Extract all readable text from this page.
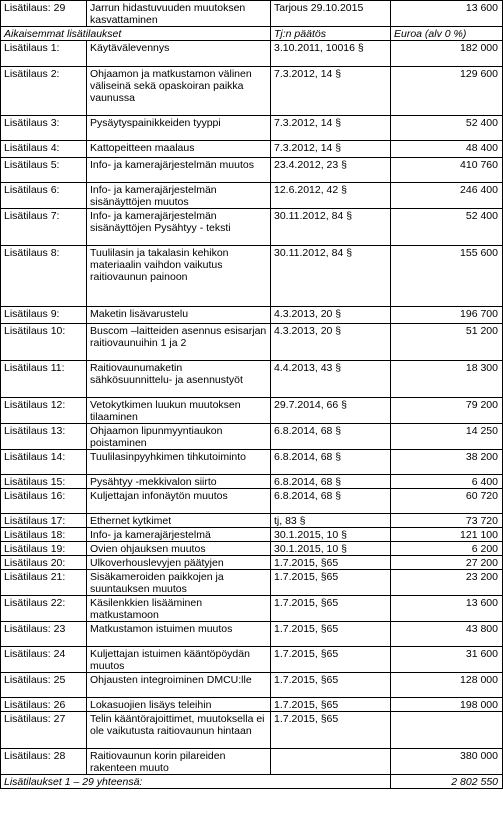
Lisätilaus: 29	Jarrun hidastuvuuden muutoksen kasvattaminen	Tarjous 29.10.2015	13 600
Aikaisemmat lisätilaukset		Tj:n päätös	Euroa (alv 0 %)
Lisätilaus 1:	Käytävälevennys	3.10.2011, 10016 §	182 000
Lisätilaus 2:	Ohjaamon ja matkustamon välinen väliseinä sekä opaskoiran paikka vaunussa	7.3.2012, 14 §	129 600
Lisätilaus 3:	Pysäytyspainikkeiden tyyppi	7.3.2012, 14 §	52 400
Lisätilaus 4:	Kattopeitteen maalaus	7.3.2012, 14 §	48 400
Lisätilaus 5:	Info- ja kamerajärjestelmän muutos	23.4.2012, 23 §	410 760
Lisätilaus 6:	Info- ja kamerajärjestelmän sisänäyttöjen muutos	12.6.2012, 42 §	246 400
Lisätilaus 7:	Info- ja kamerajärjestelmän sisänäyttöjen Pysähtyy - teksti	30.11.2012, 84 §	52 400
Lisätilaus 8:	Tuulilasin ja takalasin kehikon materiaalin vaihdon vaikutus raitiovaunun painoon	30.11.2012, 84 §	155 600
Lisätilaus 9:	Maketin lisävarustelu	4.3.2013, 20 §	196 700
Lisätilaus 10:	Buscom –laitteiden asennus esisarjan raitiovaunuihin 1 ja 2	4.3.2013, 20 §	51 200
Lisätilaus 11:	Raitiovaunumaketin sähkösuunnittelu- ja asennustyöt	4.4.2013, 43 §	18 300
Lisätilaus 12:	Vetokytkimen luukun muutoksen tilaaminen	29.7.2014, 66 §	79 200
Lisätilaus 13:	Ohjaamon lipunmyyntiaukon poistaminen	6.8.2014, 68 §	14 250
Lisätilaus 14:	Tuulilasinpyyhkimen tihkutoiminto	6.8.2014, 68 §	38 200
Lisätilaus 15:	Pysähtyy -mekkivalon siirto	6.8.2014, 68 §	6 400
Lisätilaus 16:	Kuljettajan infonäytön muutos	6.8.2014, 68 §	60 720
Lisätilaus 17:	Ethernet kytkimet	tj, 83 §	73 720
Lisätilaus 18:	Info- ja kamerajärjestelmä	30.1.2015, 10 §	121 100
Lisätilaus 19:	Ovien ohjauksen muutos	30.1.2015, 10 §	6 200
Lisätilaus 20:	Ulkoverhouslevyjen päätyjen	1.7.2015, §65	27 200
Lisätilaus 21:	Sisäkameroiden paikkojen ja suuntauksen muutos	1.7.2015, §65	23 200
Lisätilaus 22:	Käsilenkkien lisääminen matkustamoon	1.7.2015, §65	13 600
Lisätilaus: 23	Matkustamon istuimen muutos	1.7.2015, §65	43 800
Lisätilaus: 24	Kuljettajan istuimen kääntöpöydän muutos	1.7.2015, §65	31 600
Lisätilaus: 25	Ohjausten integroiminen DMCU:lle	1.7.2015, §65	128 000
Lisätilaus: 26	Lokasuojien lisäys teleihin	1.7.2015, §65	198 000
Lisätilaus: 27	Telin kääntörajoittimet, muutoksella ei ole vaikutusta raitiovaunun hintaan	1.7.2015, §65	
Lisätilaus: 28	Raitiovaunun korin pilareiden rakenteen muuto		380 000
Lisätilaukset 1 – 29 yhteensä:			2 802 550
